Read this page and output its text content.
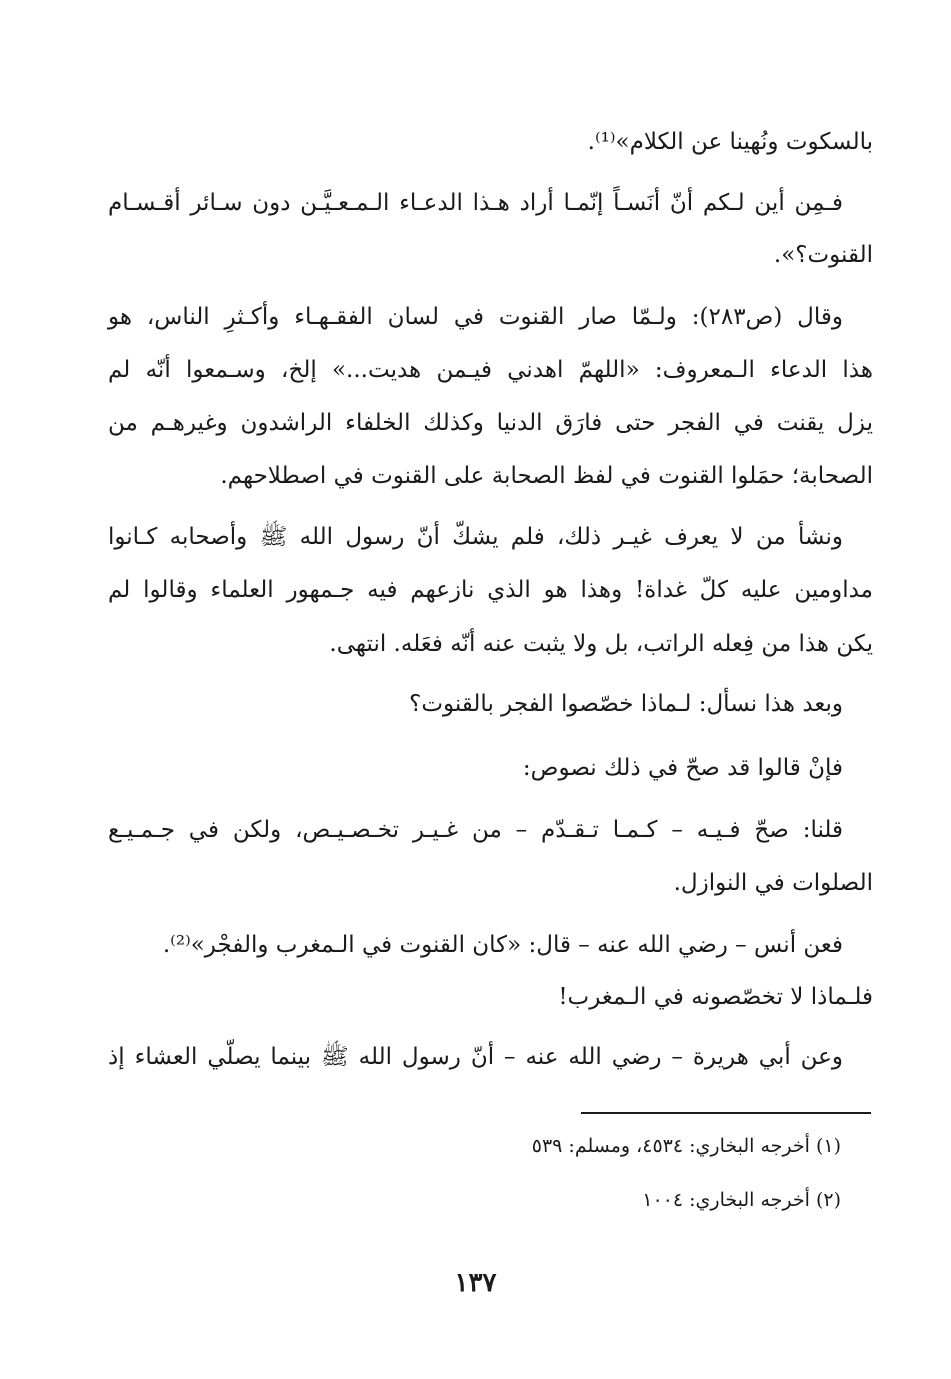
بالسكوت ونُهينا عن الكلام»⁽¹⁾.
فـمِن أين لـكم أنّ أنَسـاً إنّمـا أراد هـذا الدعـاء الـمـعـيَّـن دون سـائر أقـسـام
القنوت؟».
وقال (ص٢٨٣): ولـمّا صار القنوت في لسان الفقـهـاء وأكـثرِ الناس، هو
هذا الدعاء الـمعروف: «اللهمّ اهدني فيـمن هديت...» إلخ، وسـمعوا أنّه لم
يزل يقنت في الفجر حتى فارَق الدنيا وكذلك الخلفاء الراشدون وغيرهـم من
الصحابة؛ حمَلوا القنوت في لفظ الصحابة على القنوت في اصطلاحهم.
ونشأ من لا يعرف غيـر ذلك، فلم يشكّ أنّ رسول الله ﷺ وأصحابه كـانوا
مداومين عليه كلّ غداة! وهذا هو الذي نازعهم فيه جـمهور العلماء وقالوا لم
يكن هذا من فِعله الراتب، بل ولا يثبت عنه أنّه فعَله. انتهى.
وبعد هذا نسأل: لـماذا خصّصوا الفجر بالقنوت؟
فإنْ قالوا قد صحّ في ذلك نصوص:
قلنا: صحّ فـيـه – كـمـا تـقـدّم – من غـيـر تخـصـيـص، ولكن في جـمـيـع
الصلوات في النوازل.
فعن أنس – رضي الله عنه – قال: «كان القنوت في الـمغرب والفجْر»⁽²⁾.
فلـماذا لا تخصّصونه في الـمغرب!
وعن أبي هريرة – رضي الله عنه – أنّ رسول الله ﷺ بينما يصلّي العشاء إذ
(١) أخرجه البخاري: ٤٥٣٤، ومسلم: ٥٣٩
(٢) أخرجه البخاري: ١٠٠٤
١٣٧
